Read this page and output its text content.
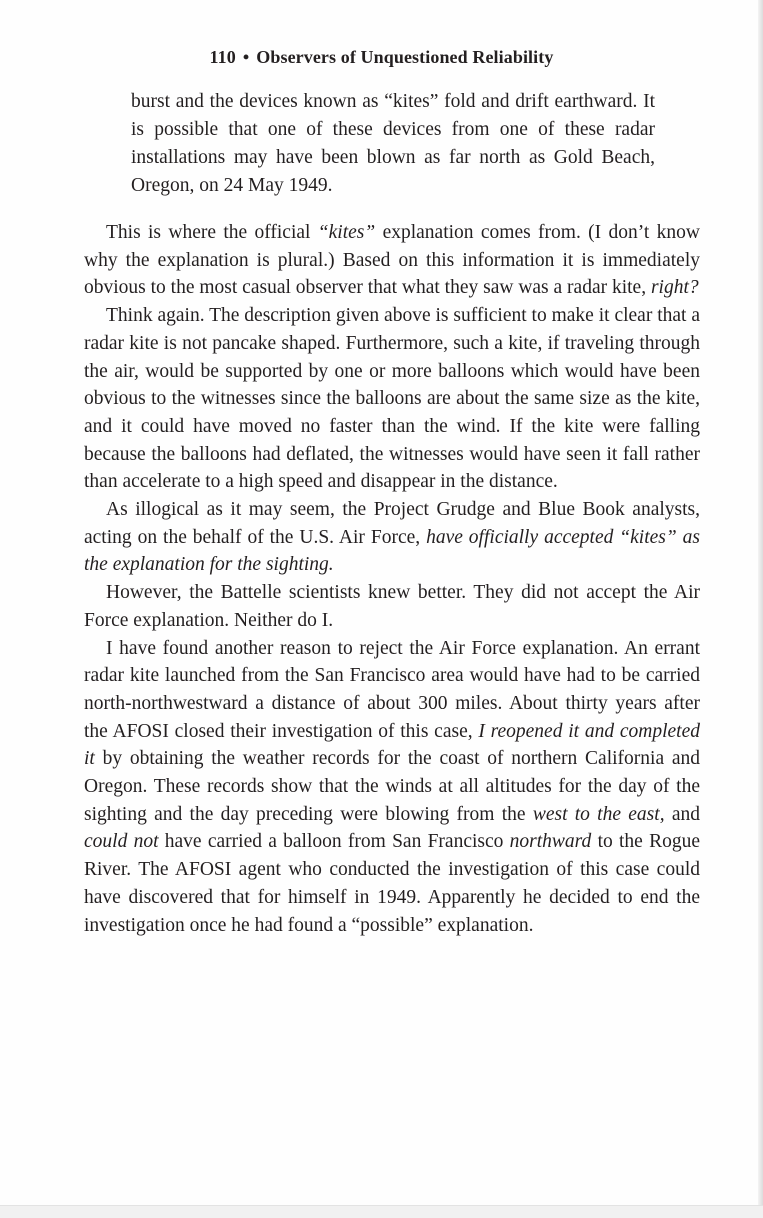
110 • Observers of Unquestioned Reliability

burst and the devices known as “kites” fold and drift earthward. It is possible that one of these devices from one of these radar installations may have been blown as far north as Gold Beach, Oregon, on 24 May 1949.

This is where the official “kites” explanation comes from. (I don’t know why the explanation is plural.) Based on this information it is immediately obvious to the most casual observer that what they saw was a radar kite, right?

Think again. The description given above is sufficient to make it clear that a radar kite is not pancake shaped. Furthermore, such a kite, if traveling through the air, would be supported by one or more balloons which would have been obvious to the witnesses since the balloons are about the same size as the kite, and it could have moved no faster than the wind. If the kite were falling because the balloons had deflated, the witnesses would have seen it fall rather than accelerate to a high speed and disappear in the distance.

As illogical as it may seem, the Project Grudge and Blue Book analysts, acting on the behalf of the U.S. Air Force, have officially accepted “kites” as the explanation for the sighting.

However, the Battelle scientists knew better. They did not accept the Air Force explanation. Neither do I.

I have found another reason to reject the Air Force explanation. An errant radar kite launched from the San Francisco area would have had to be carried north-northwestward a distance of about 300 miles. About thirty years after the AFOSI closed their investigation of this case, I reopened it and completed it by obtaining the weather records for the coast of northern California and Oregon. These records show that the winds at all altitudes for the day of the sighting and the day preceding were blowing from the west to the east, and could not have carried a balloon from San Francisco northward to the Rogue River. The AFOSI agent who conducted the investigation of this case could have discovered that for himself in 1949. Apparently he decided to end the investigation once he had found a “possible” explanation.
